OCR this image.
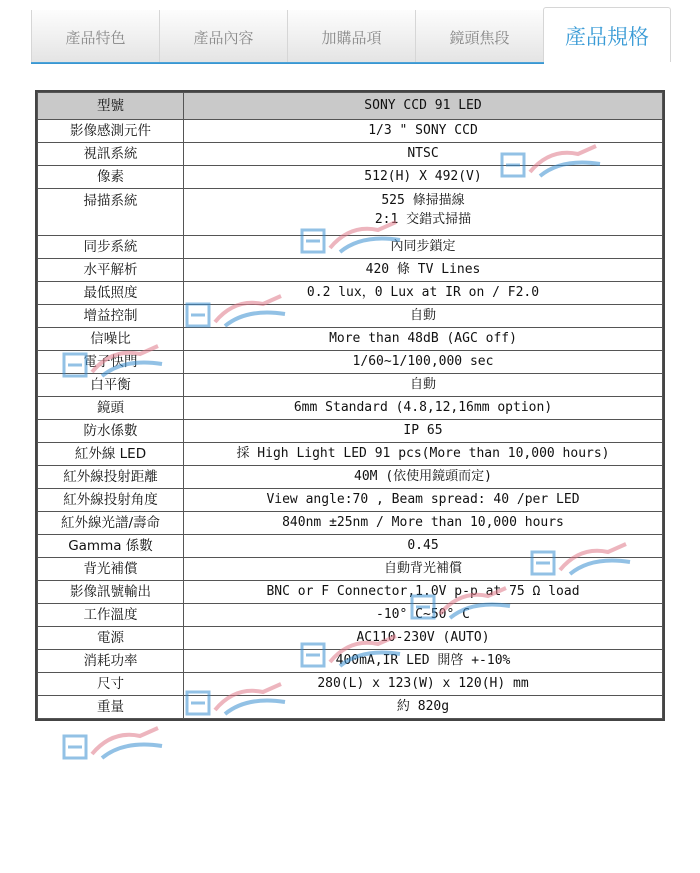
產品特色	產品內容	加購品項	鏡頭焦段	產品規格
型號	SONY CCD 91 LED
影像感測元件	1/3 " SONY CCD
視訊系統	NTSC
像素	512(H) X 492(V)
掃描系統	525 條掃描線
2:1 交錯式掃描

同步系統	內同步鎖定
水平解析	420 條 TV Lines
最低照度	0.2 lux，0 Lux at IR on / F2.0
增益控制	自動
信噪比	More than 48dB (AGC off)
電子快門	1/60~1/100,000 sec
白平衡	自動
鏡頭	6mm Standard (4.8,12,16mm option)
防水係數	IP 65
紅外線 LED	採 High Light LED 91 pcs(More than 10,000 hours)
紅外線投射距離	40M (依使用鏡頭而定)
紅外線投射角度	View angle:70 , Beam spread: 40 /per LED
紅外線光譜/壽命	840nm ±25nm / More than 10,000 hours
Gamma 係數	0.45
背光補償	自動背光補償
影像訊號輸出	BNC or F Connector,1.0V p-p at 75 Ω load
工作溫度	-10° C~50° C
電源	AC110-230V (AUTO)
消耗功率	400mA,IR LED 開啓 +-10%
尺寸	280(L) x 123(W) x 120(H) mm
重量	約 820g
